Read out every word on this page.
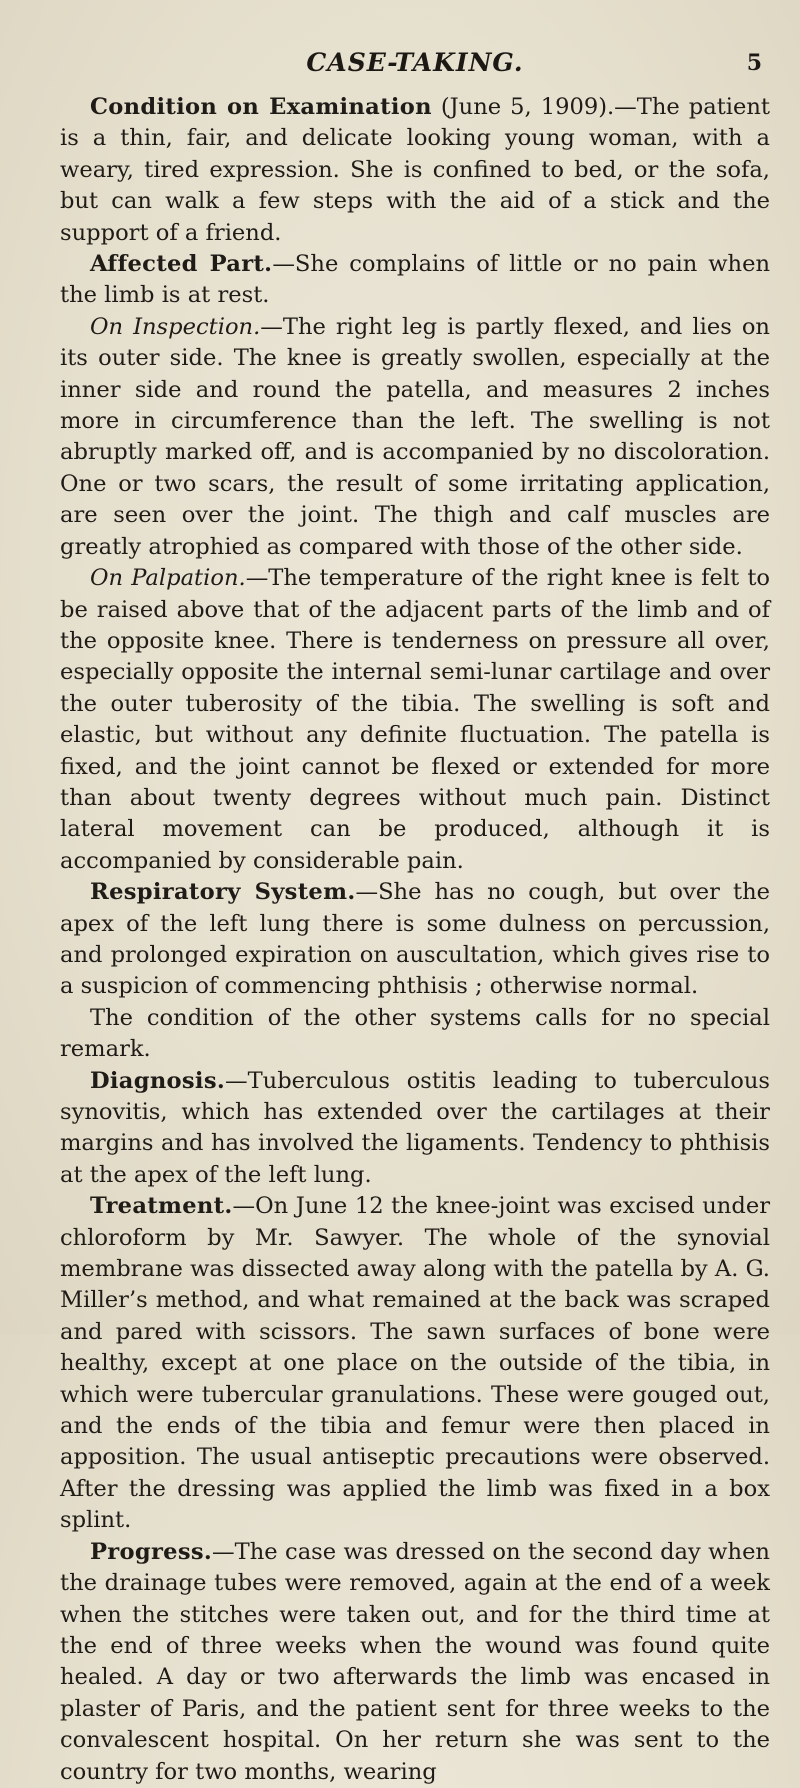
CASE-TAKING.	5

Condition on Examination (June 5, 1909).—The patient is a thin, fair, and delicate looking young woman, with a weary, tired expression. She is confined to bed, or the sofa, but can walk a few steps with the aid of a stick and the support of a friend.

Affected Part.—She complains of little or no pain when the limb is at rest.

On Inspection.—The right leg is partly flexed, and lies on its outer side. The knee is greatly swollen, especially at the inner side and round the patella, and measures 2 inches more in circumference than the left. The swelling is not abruptly marked off, and is accompanied by no discoloration. One or two scars, the result of some irritating application, are seen over the joint. The thigh and calf muscles are greatly atrophied as compared with those of the other side.

On Palpation.—The temperature of the right knee is felt to be raised above that of the adjacent parts of the limb and of the opposite knee. There is tenderness on pressure all over, especially opposite the internal semi-lunar cartilage and over the outer tuberosity of the tibia. The swelling is soft and elastic, but without any definite fluctuation. The patella is fixed, and the joint cannot be flexed or extended for more than about twenty degrees without much pain. Distinct lateral movement can be produced, although it is accompanied by considerable pain.

Respiratory System.—She has no cough, but over the apex of the left lung there is some dulness on percussion, and prolonged expiration on auscultation, which gives rise to a suspicion of commencing phthisis ; otherwise normal.

The condition of the other systems calls for no special remark.

Diagnosis.—Tuberculous ostitis leading to tuberculous synovitis, which has extended over the cartilages at their margins and has involved the ligaments. Tendency to phthisis at the apex of the left lung.

Treatment.—On June 12 the knee-joint was excised under chloroform by Mr. Sawyer. The whole of the synovial membrane was dissected away along with the patella by A. G. Miller’s method, and what remained at the back was scraped and pared with scissors. The sawn surfaces of bone were healthy, except at one place on the outside of the tibia, in which were tubercular granulations. These were gouged out, and the ends of the tibia and femur were then placed in apposition. The usual antiseptic precautions were observed. After the dressing was applied the limb was fixed in a box splint.

Progress.—The case was dressed on the second day when the drainage tubes were removed, again at the end of a week when the stitches were taken out, and for the third time at the end of three weeks when the wound was found quite healed. A day or two afterwards the limb was encased in plaster of Paris, and the patient sent for three weeks to the convalescent hospital. On her return she was sent to the country for two months, wearing
